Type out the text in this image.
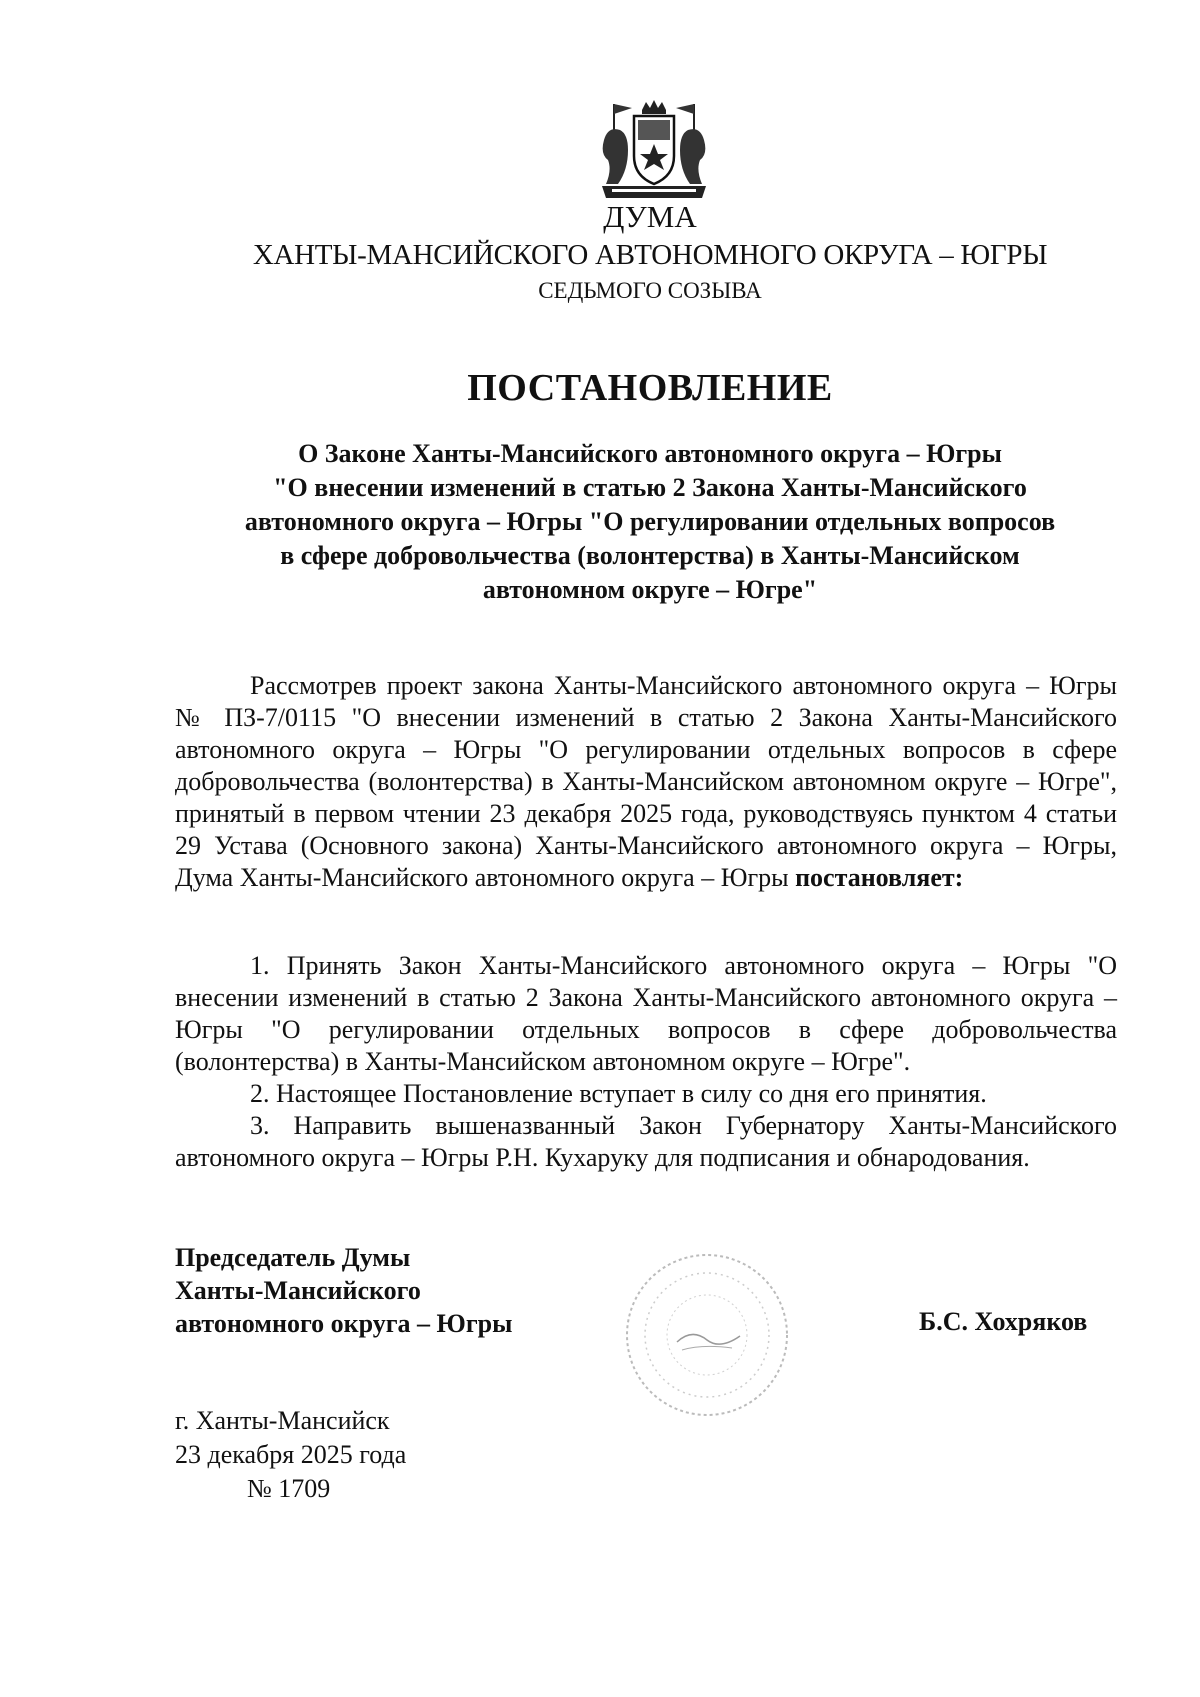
ДУМА
ХАНТЫ-МАНСИЙСКОГО АВТОНОМНОГО ОКРУГА – ЮГРЫ
СЕДЬМОГО СОЗЫВА
ПОСТАНОВЛЕНИЕ
О Законе Ханты-Мансийского автономного округа – Югры
"О внесении изменений в статью 2 Закона Ханты-Мансийского
автономного округа – Югры "О регулировании отдельных вопросов
в сфере добровольчества (волонтерства) в Ханты-Мансийском
автономном округе – Югре"
Рассмотрев проект закона Ханты-Мансийского автономного округа – Югры № ПЗ-7/0115 "О внесении изменений в статью 2 Закона Ханты-Мансийского автономного округа – Югры "О регулировании отдельных вопросов в сфере добровольчества (волонтерства) в Ханты-Мансийском автономном округе – Югре", принятый в первом чтении 23 декабря 2025 года, руководствуясь пунктом 4 статьи 29 Устава (Основного закона) Ханты-Мансийского автономного округа – Югры, Дума Ханты-Мансийского автономного округа – Югры постановляет:
1. Принять Закон Ханты-Мансийского автономного округа – Югры "О внесении изменений в статью 2 Закона Ханты-Мансийского автономного округа – Югры "О регулировании отдельных вопросов в сфере добровольчества (волонтерства) в Ханты-Мансийском автономном округе – Югре".
2. Настоящее Постановление вступает в силу со дня его принятия.
3. Направить вышеназванный Закон Губернатору Ханты-Мансийского автономного округа – Югры Р.Н. Кухаруку для подписания и обнародования.
Председатель Думы
Ханты-Мансийского
автономного округа – Югры	Б.С. Хохряков
г. Ханты-Мансийск
23 декабря 2025 года
№ 1709
